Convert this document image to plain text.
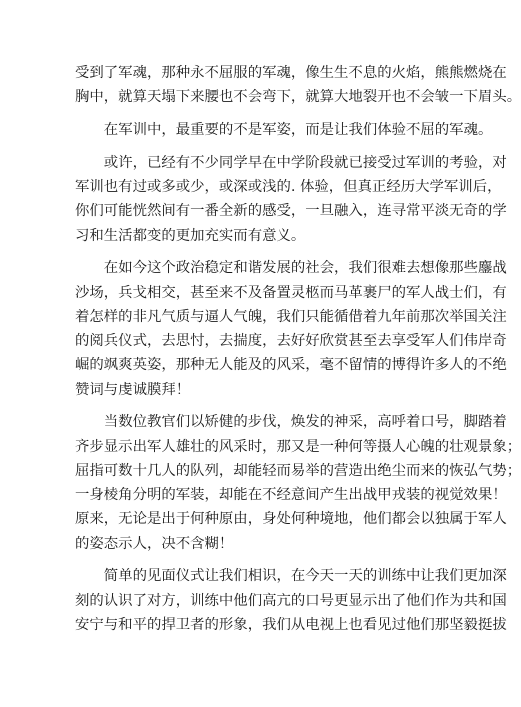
受到了军魂，那种永不屈服的军魂，像生生不息的火焰，熊熊燃烧在
胸中，就算天塌下来腰也不会弯下，就算大地裂开也不会皱一下眉头。
在军训中，最重要的不是军姿，而是让我们体验不屈的军魂。
或许，已经有不少同学早在中学阶段就已接受过军训的考验，对
军训也有过或多或少，或深或浅的. 体验，但真正经历大学军训后，
你们可能恍然间有一番全新的感受，一旦融入，连寻常平淡无奇的学
习和生活都变的更加充实而有意义。
在如今这个政治稳定和谐发展的社会，我们很难去想像那些鏖战
沙场，兵戈相交，甚至来不及备置灵柩而马革裹尸的军人战士们，有
着怎样的非凡气质与逼人气魄，我们只能循借着九年前那次举国关注
的阅兵仪式，去思忖，去揣度，去好好欣赏甚至去享受军人们伟岸奇
崛的飒爽英姿，那种无人能及的风采，毫不留情的博得许多人的不绝
赞词与虔诚膜拜！
当数位教官们以矫健的步伐，焕发的神采，高呼着口号，脚踏着
齐步显示出军人雄壮的风采时，那又是一种何等摄人心魄的壮观景象；
屈指可数十几人的队列，却能轻而易举的营造出绝尘而来的恢弘气势；
一身棱角分明的军装，却能在不经意间产生出战甲戎装的视觉效果！
原来，无论是出于何种原由，身处何种境地，他们都会以独属于军人
的姿态示人，决不含糊！
简单的见面仪式让我们相识，在今天一天的训练中让我们更加深
刻的认识了对方，训练中他们高亢的口号更显示出了他们作为共和国
安宁与和平的捍卫者的形象，我们从电视上也看见过他们那坚毅挺拔
